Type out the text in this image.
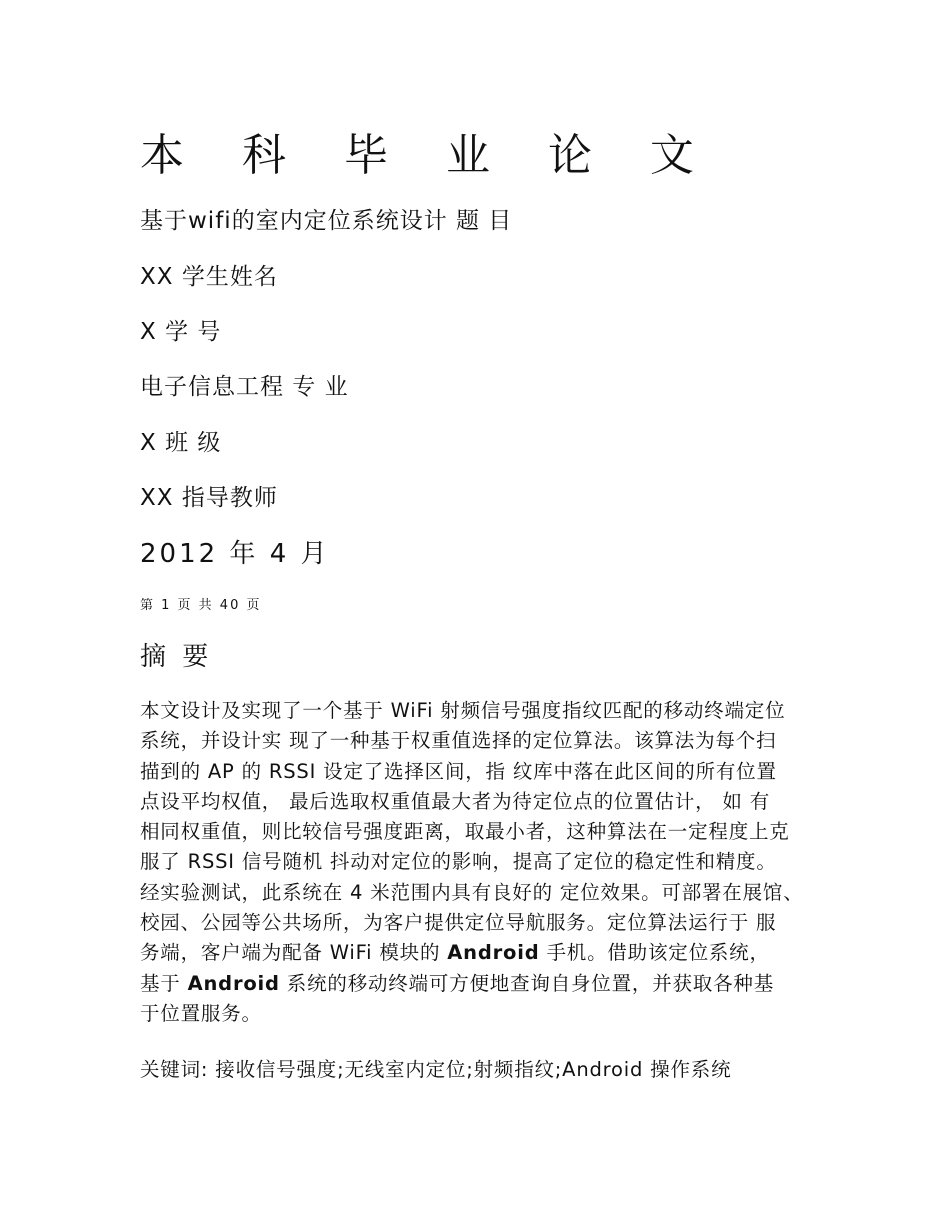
本 科 毕 业 论 文
基于wifi的室内定位系统设计 题 目
XX 学生姓名
X 学 号
电子信息工程 专 业
X 班 级
XX 指导教师
2012 年 4 月
第 1 页 共 40 页
摘 要
本文设计及实现了一个基于 WiFi 射频信号强度指纹匹配的移动终端定位
系统，并设计实 现了一种基于权重值选择的定位算法。该算法为每个扫
描到的 AP 的 RSSI 设定了选择区间，指 纹库中落在此区间的所有位置
点设平均权值， 最后选取权重值最大者为待定位点的位置估计， 如 有
相同权重值，则比较信号强度距离，取最小者，这种算法在一定程度上克
服了 RSSI 信号随机 抖动对定位的影响，提高了定位的稳定性和精度。
经实验测试，此系统在 4 米范围内具有良好的 定位效果。可部署在展馆、
校园、公园等公共场所，为客户提供定位导航服务。定位算法运行于 服
务端，客户端为配备 WiFi 模块的 Android 手机。借助该定位系统，
基于 Android 系统的移动终端可方便地查询自身位置，并获取各种基
于位置服务。
关键词: 接收信号强度;无线室内定位;射频指纹;Android 操作系统
